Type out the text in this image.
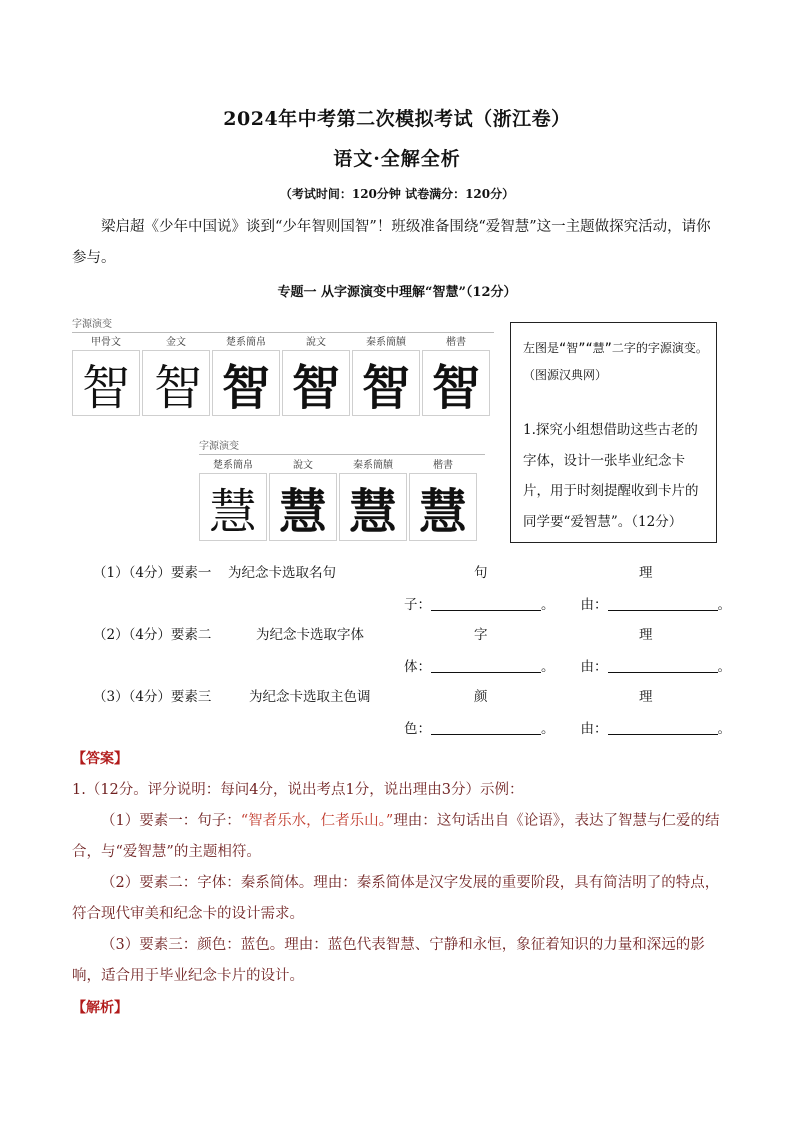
2024年中考第二次模拟考试（浙江卷）
语文·全解全析
（考试时间：120分钟 试卷满分：120分）
梁启超《少年中国说》谈到“少年智则国智”！班级准备围绕“爱智慧”这一主题做探究活动，请你参与。
专题一 从字源演变中理解“智慧”（12分）
字源演变
甲骨文
智
金文
智
楚系簡帛
智
說文
智
秦系簡牘
智
楷書
智
字源演变
楚系簡帛
慧
說文
慧
秦系簡牘
慧
楷書
慧
左图是“智”“慧”二字的字源演变。（图源汉典网）
1.探究小组想借助这些古老的字体，设计一张毕业纪念卡片，用于时刻提醒收到卡片的同学要“爱智慧”。（12分）
（1）（4分）要素一 为纪念卡选取名句	句	理
子：	。 由：	。
（2）（4分）要素二	为纪念卡选取字体	字	理
体：	。 由：	。
（3）（4分）要素三	为纪念卡选取主色调	颜	理
色：	。 由：	。
【答案】
1.（12分。评分说明：每问4分，说出考点1分，说出理由3分）示例：
（1）要素一：句子：“智者乐水，仁者乐山。”理由：这句话出自《论语》，表达了智慧与仁爱的结合，与“爱智慧”的主题相符。
（2）要素二：字体：秦系简体。理由：秦系简体是汉字发展的重要阶段，具有简洁明了的特点，符合现代审美和纪念卡的设计需求。
（3）要素三：颜色：蓝色。理由：蓝色代表智慧、宁静和永恒，象征着知识的力量和深远的影响，适合用于毕业纪念卡片的设计。
【解析】
